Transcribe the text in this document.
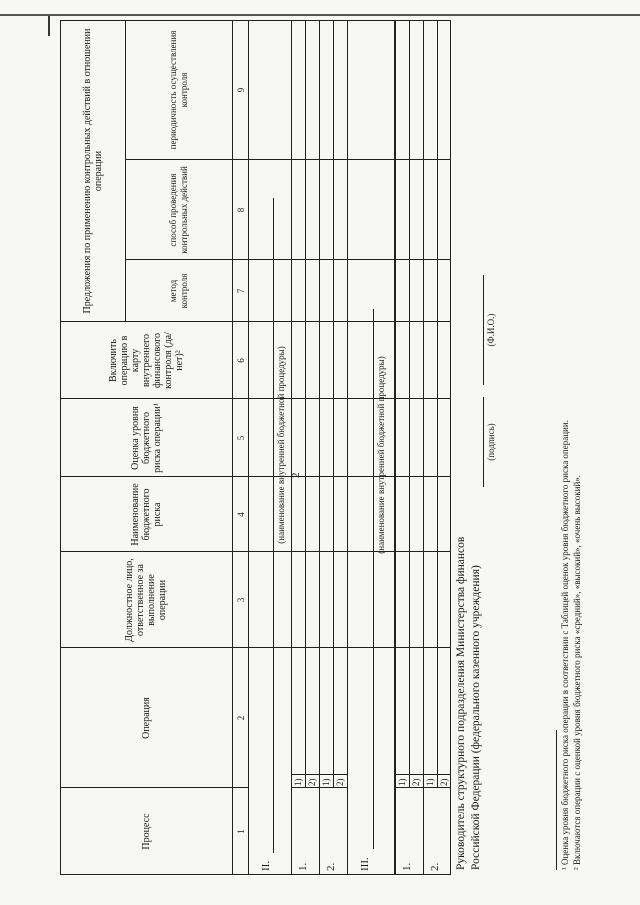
2
Процесс
Операция
Должностное лицо, ответственное за выполнение операции
Наименование бюджетного риска
Оценка уровня бюджетного риска операции¹
Включить операцию в карту внутреннего финансового контроля (да/нет)²
Предложения по применению контрольных действий в отношении операции
метод контроля
способ проведения контрольных действий
периодичность осуществления контроля
1
2
3
4
5
6
7
8
9
II.
(наименование внутренней бюджетной процедуры)
1.
1) 2)
2.
1) 2)
III.
(наименование внутренней бюджетной процедуры)
1.
1) 2)
2.
1) 2) Руководитель структурного подразделения Министерства финансов Российской Федерации (федерального казенного учреждения)
(подпись)
(Ф.И.О.)
¹ Оценка уровня бюджетного риска операции в соответствии с Таблицей оценок уровня бюджетного риска операции. ² Включаются операции с оценкой уровня бюджетного риска «средний», «высокий», «очень высокий».
